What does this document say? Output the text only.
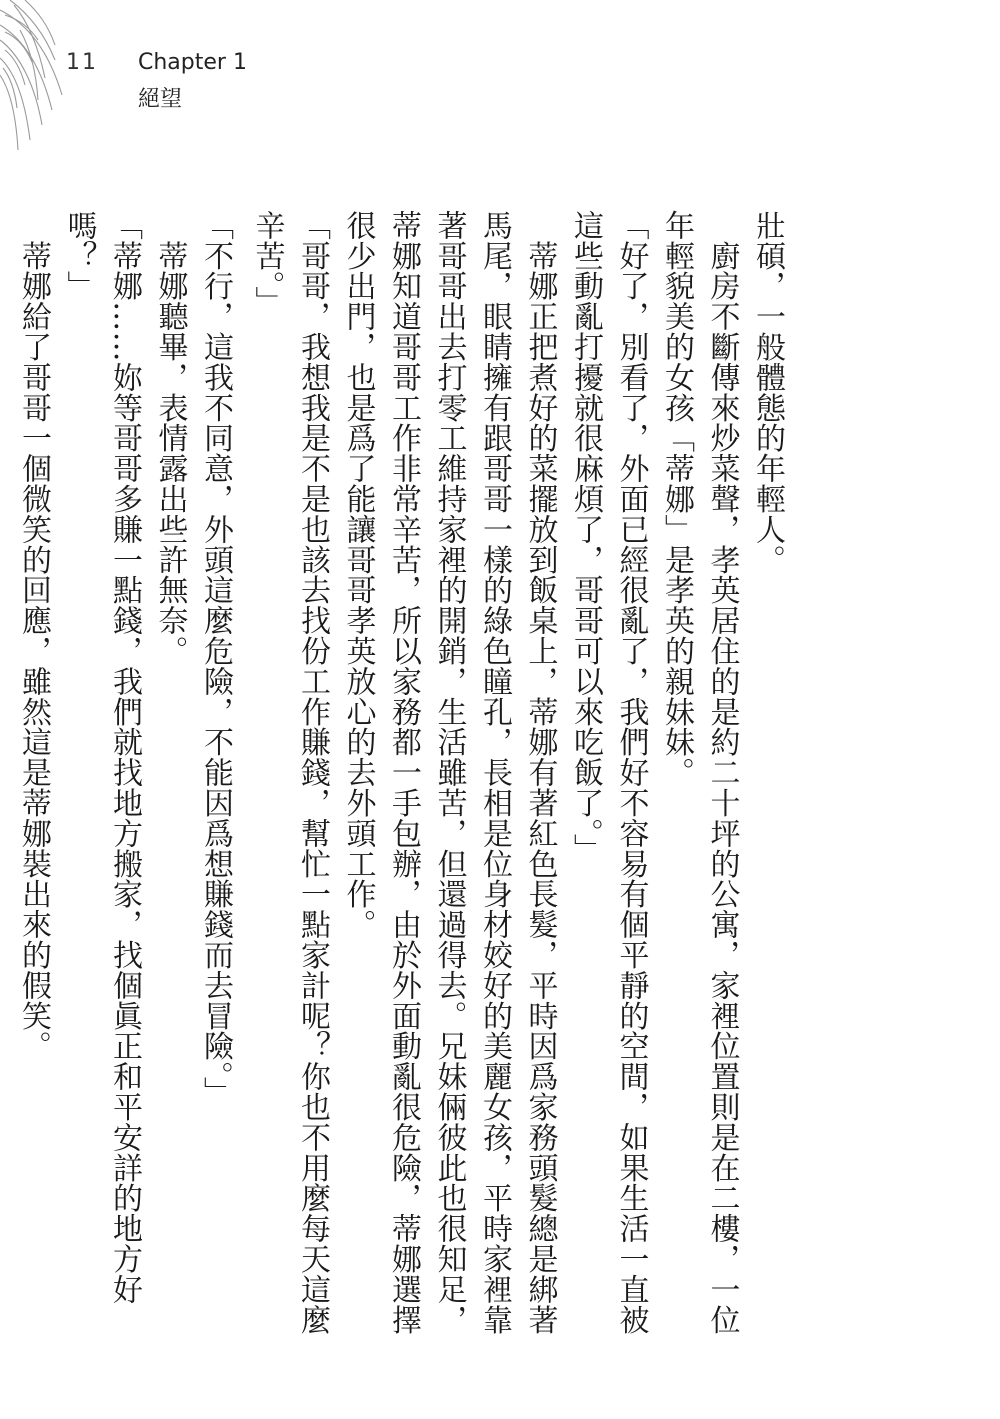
11 Chapter 1
絕望

壯碩，一般體態的年輕人。

　廚房不斷傳來炒菜聲，孝英居住的是約二十坪的公寓，家裡位置則是在二樓，一位年輕貌美的女孩「蒂娜」是孝英的親妹妹。

「好了，別看了，外面已經很亂了，我們好不容易有個平靜的空間，如果生活一直被這些動亂打擾就很麻煩了，哥哥可以來吃飯了。」

　蒂娜正把煮好的菜擺放到飯桌上，蒂娜有著紅色長髮，平時因爲家務頭髮總是綁著馬尾，眼睛擁有跟哥哥一樣的綠色瞳孔，長相是位身材姣好的美麗女孩，平時家裡靠著哥哥出去打零工維持家裡的開銷，生活雖苦，但還過得去。兄妹倆彼此也很知足，蒂娜知道哥哥工作非常辛苦，所以家務都一手包辦，由於外面動亂很危險，蒂娜選擇很少出門，也是爲了能讓哥哥孝英放心的去外頭工作。

「哥哥，我想我是不是也該去找份工作賺錢，幫忙一點家計呢？你也不用麼每天這麼辛苦。」

「不行，這我不同意，外頭這麼危險，不能因爲想賺錢而去冒險。」

　蒂娜聽畢，表情露出些許無奈。

「蒂娜……妳等哥哥多賺一點錢，我們就找地方搬家，找個眞正和平安詳的地方好嗎？」

　蒂娜給了哥哥一個微笑的回應，雖然這是蒂娜裝出來的假笑。
